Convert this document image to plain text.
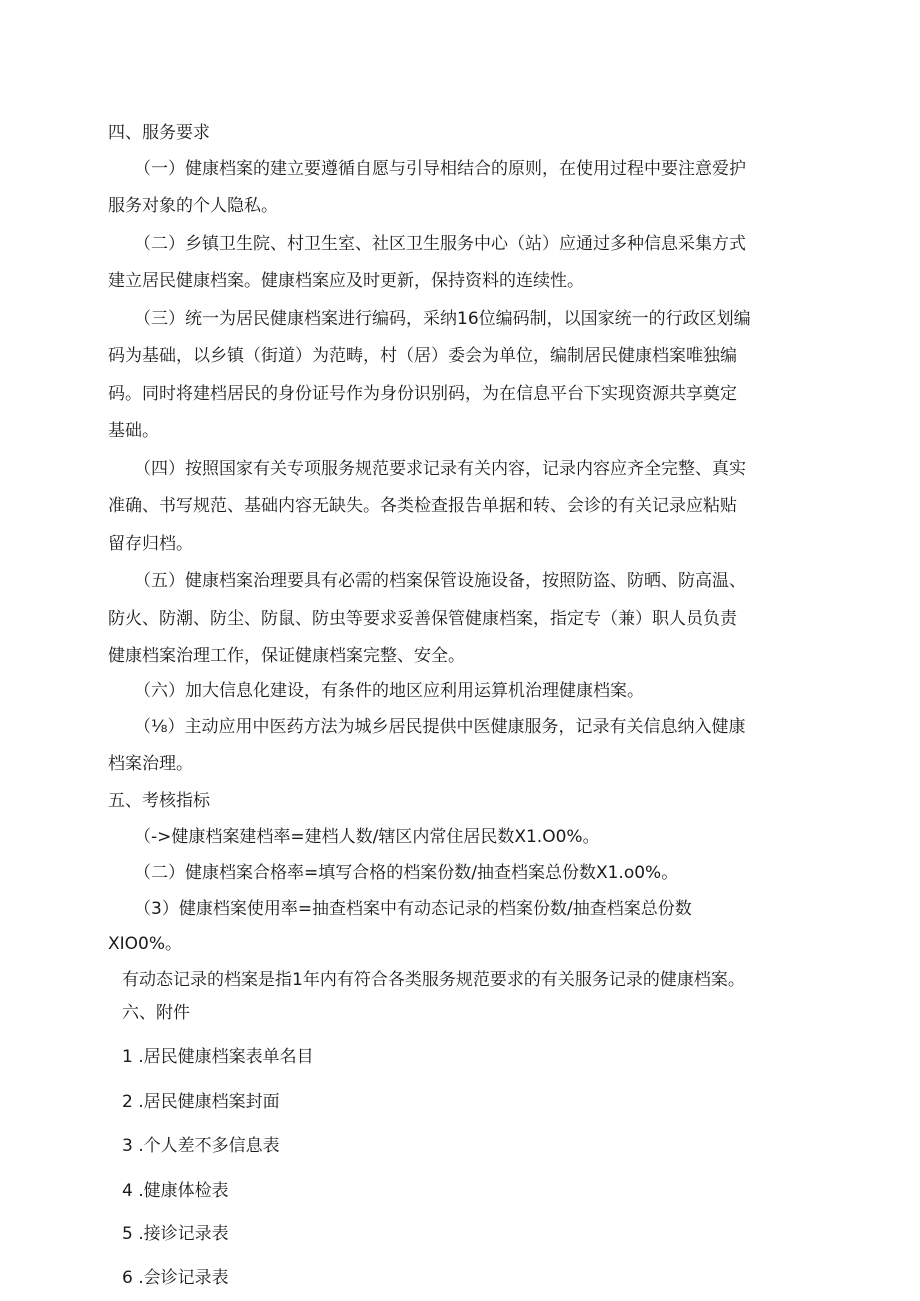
四、服务要求
（一）健康档案的建立要遵循自愿与引导相结合的原则，在使用过程中要注意爱护
服务对象的个人隐私。
（二）乡镇卫生院、村卫生室、社区卫生服务中心（站）应通过多种信息采集方式
建立居民健康档案。健康档案应及时更新，保持资料的连续性。
（三）统一为居民健康档案进行编码，采纳16位编码制，以国家统一的行政区划编
码为基础，以乡镇（街道）为范畴，村（居）委会为单位，编制居民健康档案唯独编
码。同时将建档居民的身份证号作为身份识别码，为在信息平台下实现资源共享奠定
基础。
（四）按照国家有关专项服务规范要求记录有关内容，记录内容应齐全完整、真实
准确、书写规范、基础内容无缺失。各类检查报告单据和转、会诊的有关记录应粘贴
留存归档。
（五）健康档案治理要具有必需的档案保管设施设备，按照防盗、防晒、防高温、
防火、防潮、防尘、防鼠、防虫等要求妥善保管健康档案，指定专（兼）职人员负责
健康档案治理工作，保证健康档案完整、安全。
（六）加大信息化建设，有条件的地区应利用运算机治理健康档案。
（⅛）主动应用中医药方法为城乡居民提供中医健康服务，记录有关信息纳入健康
档案治理。
五、考核指标
（->健康档案建档率=建档人数/辖区内常住居民数X1.O0%。
（二）健康档案合格率=填写合格的档案份数/抽查档案总份数X1.o0%。
（3）健康档案使用率=抽查档案中有动态记录的档案份数/抽查档案总份数
XIO0%。
有动态记录的档案是指1年内有符合各类服务规范要求的有关服务记录的健康档案。
六、附件
1 .居民健康档案表单名目
2 .居民健康档案封面
3 .个人差不多信息表
4 .健康体检表
5 .接诊记录表
6 .会诊记录表
